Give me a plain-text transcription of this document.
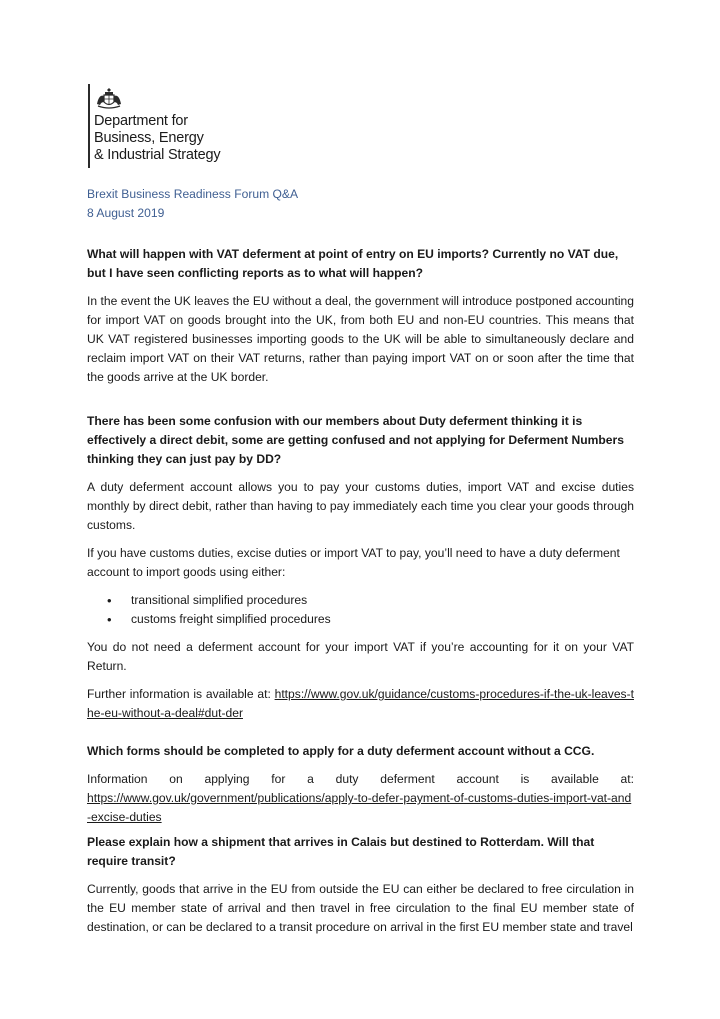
Department for
Business, Energy
& Industrial Strategy
Brexit Business Readiness Forum Q&A
8 August 2019
What will happen with VAT deferment at point of entry on EU imports? Currently no VAT due, but I have seen conflicting reports as to what will happen?
In the event the UK leaves the EU without a deal, the government will introduce postponed accounting for import VAT on goods brought into the UK, from both EU and non-EU countries. This means that UK VAT registered businesses importing goods to the UK will be able to simultaneously declare and reclaim import VAT on their VAT returns, rather than paying import VAT on or soon after the time that the goods arrive at the UK border.
There has been some confusion with our members about Duty deferment thinking it is effectively a direct debit, some are getting confused and not applying for Deferment Numbers thinking they can just pay by DD?
A duty deferment account allows you to pay your customs duties, import VAT and excise duties monthly by direct debit, rather than having to pay immediately each time you clear your goods through customs.
If you have customs duties, excise duties or import VAT to pay, you’ll need to have a duty deferment account to import goods using either:
• transitional simplified procedures
• customs freight simplified procedures
You do not need a deferment account for your import VAT if you’re accounting for it on your VAT Return.
Further information is available at: https://www.gov.uk/guidance/customs-procedures-if-the-uk-leaves-the-eu-without-a-deal#dut-der
Which forms should be completed to apply for a duty deferment account without a CCG.
Information on applying for a duty deferment account is available at:
https://www.gov.uk/government/publications/apply-to-defer-payment-of-customs-duties-import-vat-and-excise-duties
Please explain how a shipment that arrives in Calais but destined to Rotterdam. Will that require transit?
Currently, goods that arrive in the EU from outside the EU can either be declared to free circulation in the EU member state of arrival and then travel in free circulation to the final EU member state of destination, or can be declared to a transit procedure on arrival in the first EU member state and travel
